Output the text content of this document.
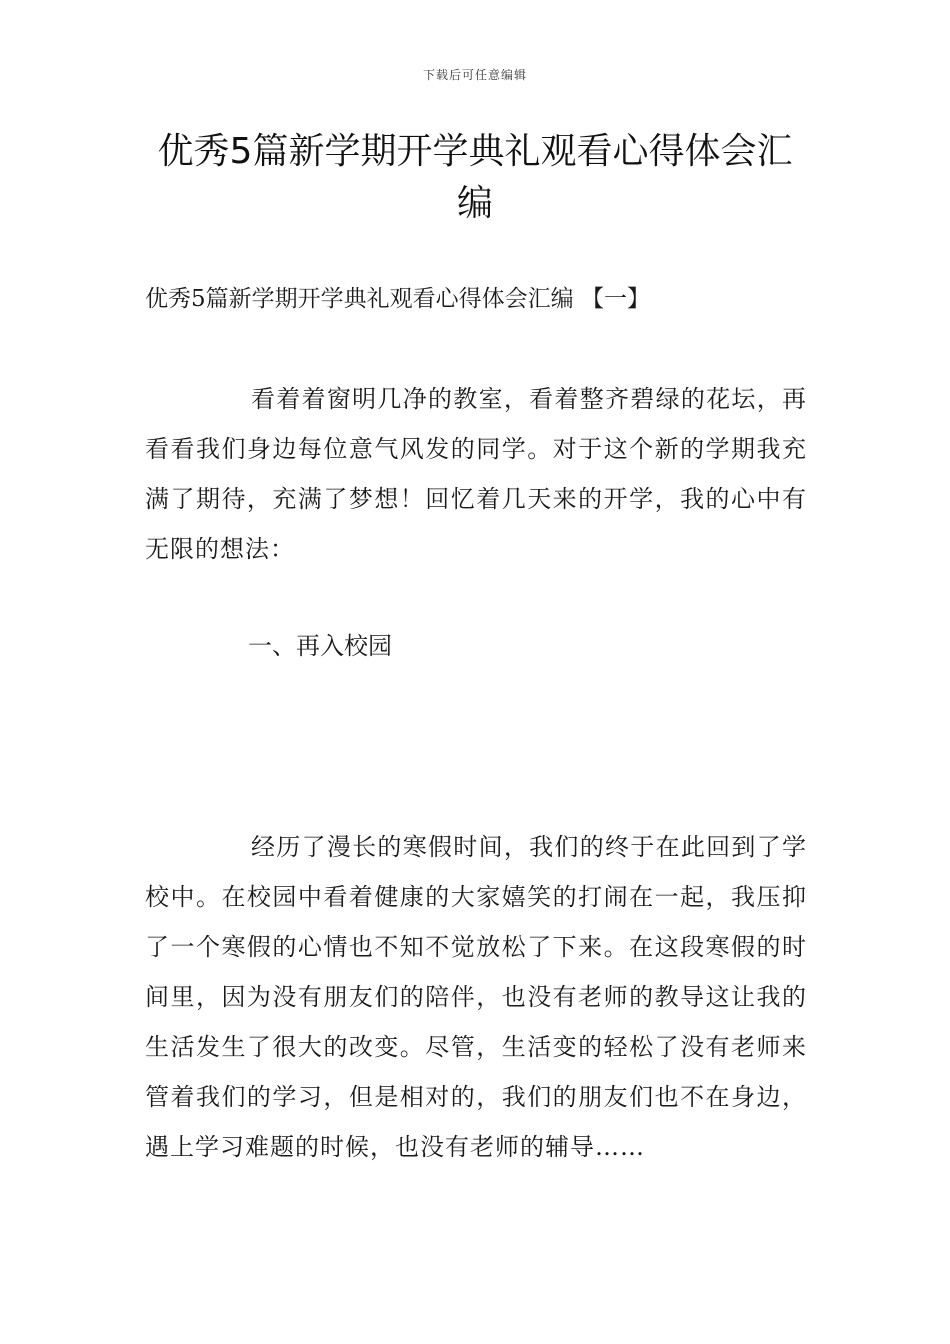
下载后可任意编辑
优秀5篇新学期开学典礼观看心得体会汇编
优秀5篇新学期开学典礼观看心得体会汇编 【一】

看着着窗明几净的教室，看着整齐碧绿的花坛，再看看我们身边每位意气风发的同学。对于这个新的学期我充满了期待，充满了梦想！回忆着几天来的开学，我的心中有无限的想法：

一、再入校园

经历了漫长的寒假时间，我们的终于在此回到了学校中。在校园中看着健康的大家嬉笑的打闹在一起，我压抑了一个寒假的心情也不知不觉放松了下来。在这段寒假的时间里，因为没有朋友们的陪伴，也没有老师的教导这让我的生活发生了很大的改变。尽管，生活变的轻松了没有老师来管着我们的学习，但是相对的，我们的朋友们也不在身边，遇上学习难题的时候，也没有老师的辅导……
